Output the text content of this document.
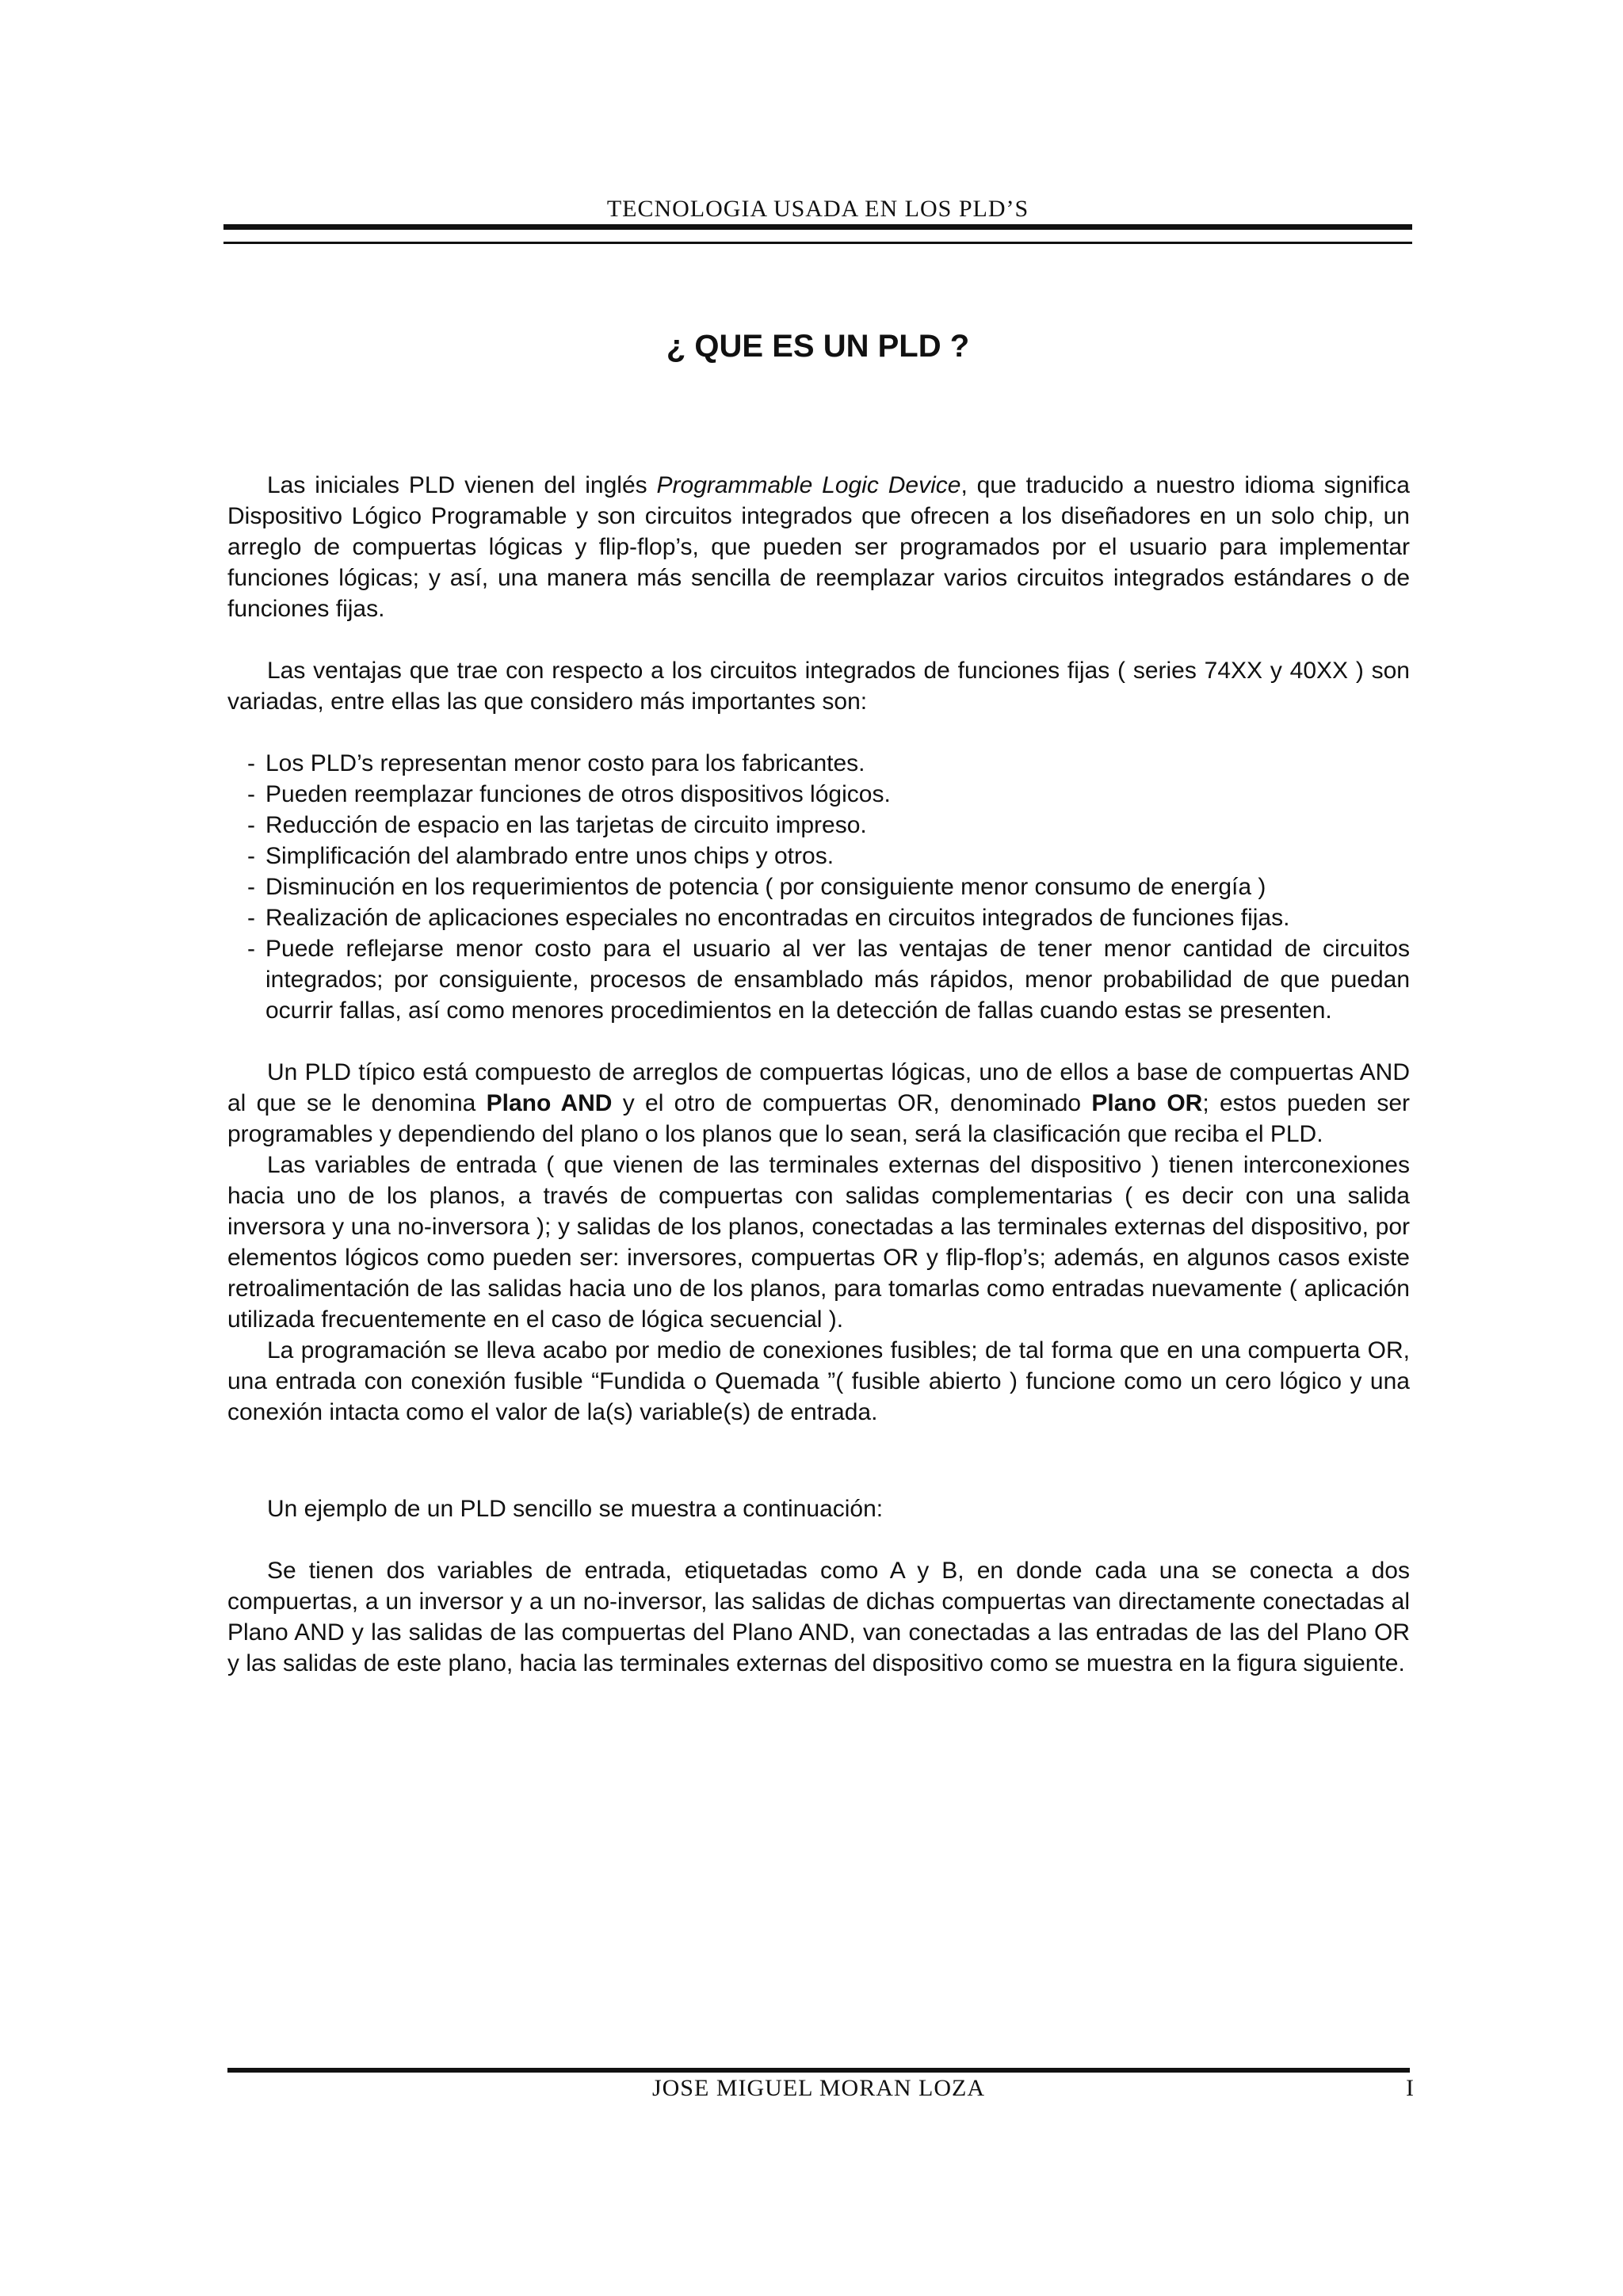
TECNOLOGIA USADA EN LOS PLD’S
¿ QUE ES UN PLD ?

Las iniciales PLD vienen del inglés Programmable Logic Device, que traducido a nuestro idioma significa Dispositivo Lógico Programable y son circuitos integrados que ofrecen a los diseñadores en un solo chip, un arreglo de compuertas lógicas y flip-flop’s, que pueden ser programados por el usuario para implementar funciones lógicas; y así, una manera más sencilla de reemplazar varios circuitos integrados estándares o de funciones fijas.

Las ventajas que trae con respecto a los circuitos integrados de funciones fijas ( series 74XX y 40XX ) son variadas, entre ellas las que considero más importantes son:

- Los PLD’s representan menor costo para los fabricantes.
- Pueden reemplazar funciones de otros dispositivos lógicos.
- Reducción de espacio en las tarjetas de circuito impreso.
- Simplificación del alambrado entre unos chips y otros.
- Disminución en los requerimientos de potencia ( por consiguiente menor consumo de energía )
- Realización de aplicaciones especiales no encontradas en circuitos integrados de funciones fijas.
- Puede reflejarse menor costo para el usuario al ver las ventajas de tener menor cantidad de circuitos integrados; por consiguiente, procesos de ensamblado más rápidos, menor probabilidad de que puedan ocurrir fallas, así como menores procedimientos en la detección de fallas cuando estas se presenten.

Un PLD típico está compuesto de arreglos de compuertas lógicas, uno de ellos a base de compuertas AND al que se le denomina Plano AND y el otro de compuertas OR, denominado Plano OR; estos pueden ser programables y dependiendo del plano o los planos que lo sean, será la clasificación que reciba el PLD.

Las variables de entrada ( que vienen de las terminales externas del dispositivo ) tienen interconexiones hacia uno de los planos, a través de compuertas con salidas complementarias ( es decir con una salida inversora y una no-inversora ); y salidas de los planos, conectadas a las terminales externas del dispositivo, por elementos lógicos como pueden ser: inversores, compuertas OR y flip-flop’s; además, en algunos casos existe retroalimentación de las salidas hacia uno de los planos, para tomarlas como entradas nuevamente ( aplicación utilizada frecuentemente en el caso de lógica secuencial ).

La programación se lleva acabo por medio de conexiones fusibles; de tal forma que en una compuerta OR, una entrada con conexión fusible “Fundida o Quemada ”( fusible abierto ) funcione como un cero lógico y una conexión intacta como el valor de la(s) variable(s) de entrada.

Un ejemplo de un PLD sencillo se muestra a continuación:

Se tienen dos variables de entrada, etiquetadas como A y B, en donde cada una se conecta a dos compuertas, a un inversor y a un no-inversor, las salidas de dichas compuertas van directamente conectadas al Plano AND y las salidas de las compuertas del Plano AND, van conectadas a las entradas de las del Plano OR y las salidas de este plano, hacia las terminales externas del dispositivo como se muestra en la figura siguiente.

JOSE MIGUEL MORAN LOZA	I
